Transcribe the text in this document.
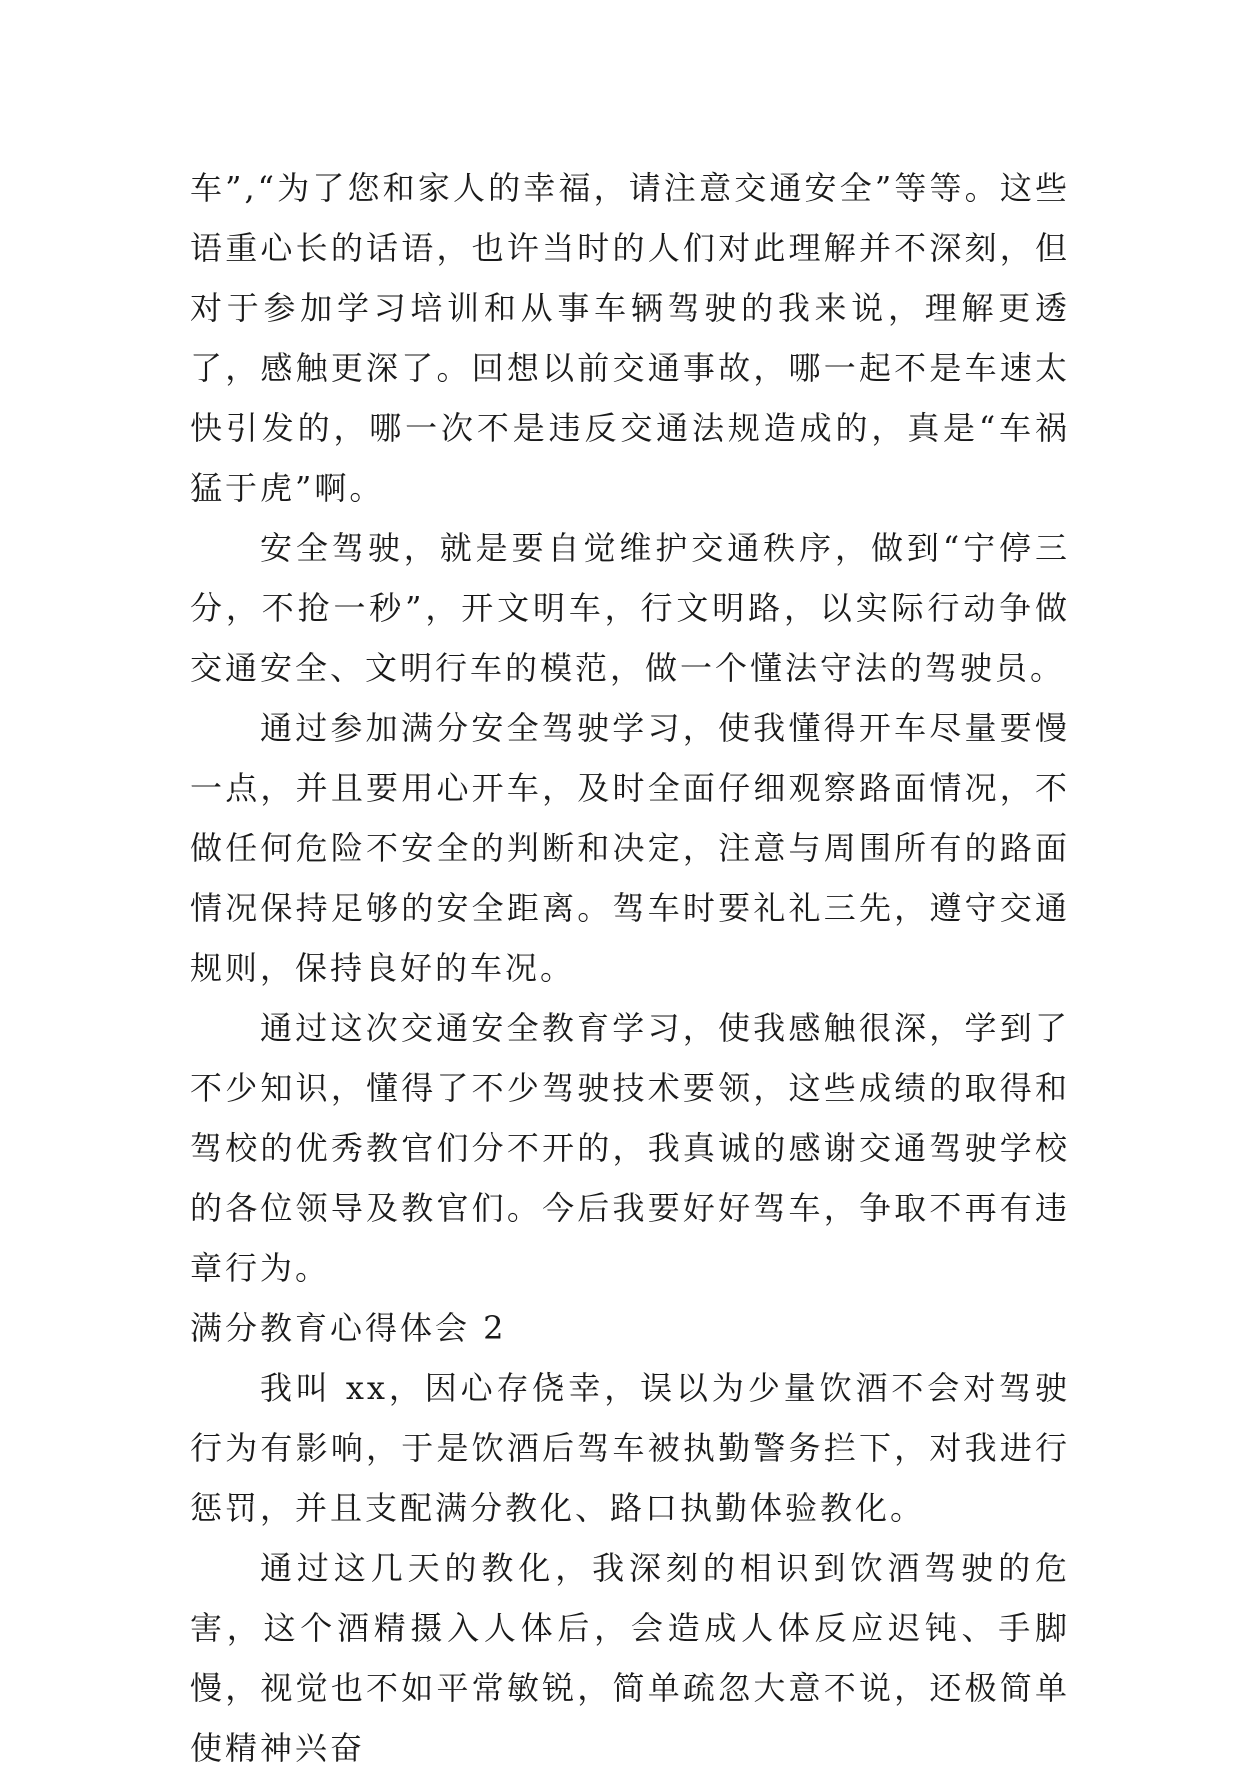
车”,“为了您和家人的幸福，请注意交通安全”等等。这些语重心长的话语，也许当时的人们对此理解并不深刻，但对于参加学习培训和从事车辆驾驶的我来说，理解更透了，感触更深了。回想以前交通事故，哪一起不是车速太快引发的，哪一次不是违反交通法规造成的，真是“车祸猛于虎”啊。

安全驾驶，就是要自觉维护交通秩序，做到“宁停三分，不抢一秒”，开文明车，行文明路，以实际行动争做交通安全、文明行车的模范，做一个懂法守法的驾驶员。

通过参加满分安全驾驶学习，使我懂得开车尽量要慢一点，并且要用心开车，及时全面仔细观察路面情况，不做任何危险不安全的判断和决定，注意与周围所有的路面情况保持足够的安全距离。驾车时要礼礼三先，遵守交通规则，保持良好的车况。

通过这次交通安全教育学习，使我感触很深，学到了不少知识，懂得了不少驾驶技术要领，这些成绩的取得和驾校的优秀教官们分不开的，我真诚的感谢交通驾驶学校的各位领导及教官们。今后我要好好驾车，争取不再有违章行为。

满分教育心得体会 2

我叫 xx，因心存侥幸，误以为少量饮酒不会对驾驶行为有影响，于是饮酒后驾车被执勤警务拦下，对我进行惩罚，并且支配满分教化、路口执勤体验教化。

通过这几天的教化，我深刻的相识到饮酒驾驶的危害，这个酒精摄入人体后，会造成人体反应迟钝、手脚慢，视觉也不如平常敏锐，简单疏忽大意不说，还极简单使精神兴奋
